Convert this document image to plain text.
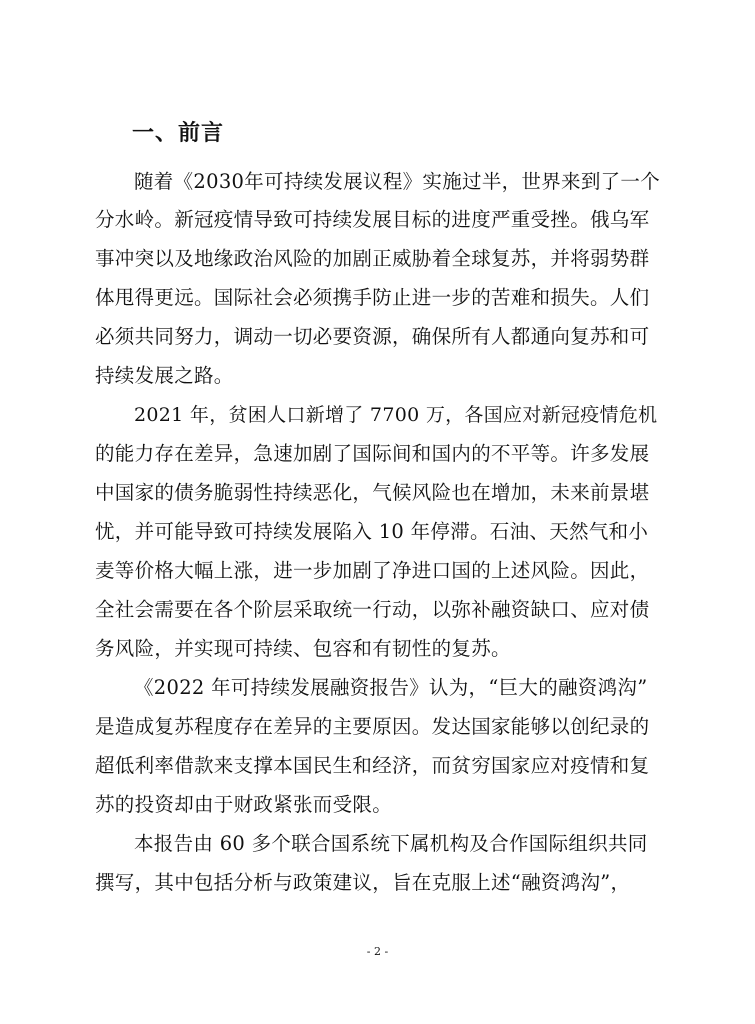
一、前言
随着《2030年可持续发展议程》实施过半，世界来到了一个
分水岭。新冠疫情导致可持续发展目标的进度严重受挫。俄乌军
事冲突以及地缘政治风险的加剧正威胁着全球复苏，并将弱势群
体甩得更远。国际社会必须携手防止进一步的苦难和损失。人们
必须共同努力，调动一切必要资源，确保所有人都通向复苏和可
持续发展之路。
2021 年，贫困人口新增了 7700 万，各国应对新冠疫情危机
的能力存在差异，急速加剧了国际间和国内的不平等。许多发展
中国家的债务脆弱性持续恶化，气候风险也在增加，未来前景堪
忧，并可能导致可持续发展陷入 10 年停滞。石油、天然气和小
麦等价格大幅上涨，进一步加剧了净进口国的上述风险。因此，
全社会需要在各个阶层采取统一行动，以弥补融资缺口、应对债
务风险，并实现可持续、包容和有韧性的复苏。
《2022 年可持续发展融资报告》认为，“巨大的融资鸿沟”
是造成复苏程度存在差异的主要原因。发达国家能够以创纪录的
超低利率借款来支撑本国民生和经济，而贫穷国家应对疫情和复
苏的投资却由于财政紧张而受限。
本报告由 60 多个联合国系统下属机构及合作国际组织共同
撰写，其中包括分析与政策建议，旨在克服上述“融资鸿沟”，
- 2 -
